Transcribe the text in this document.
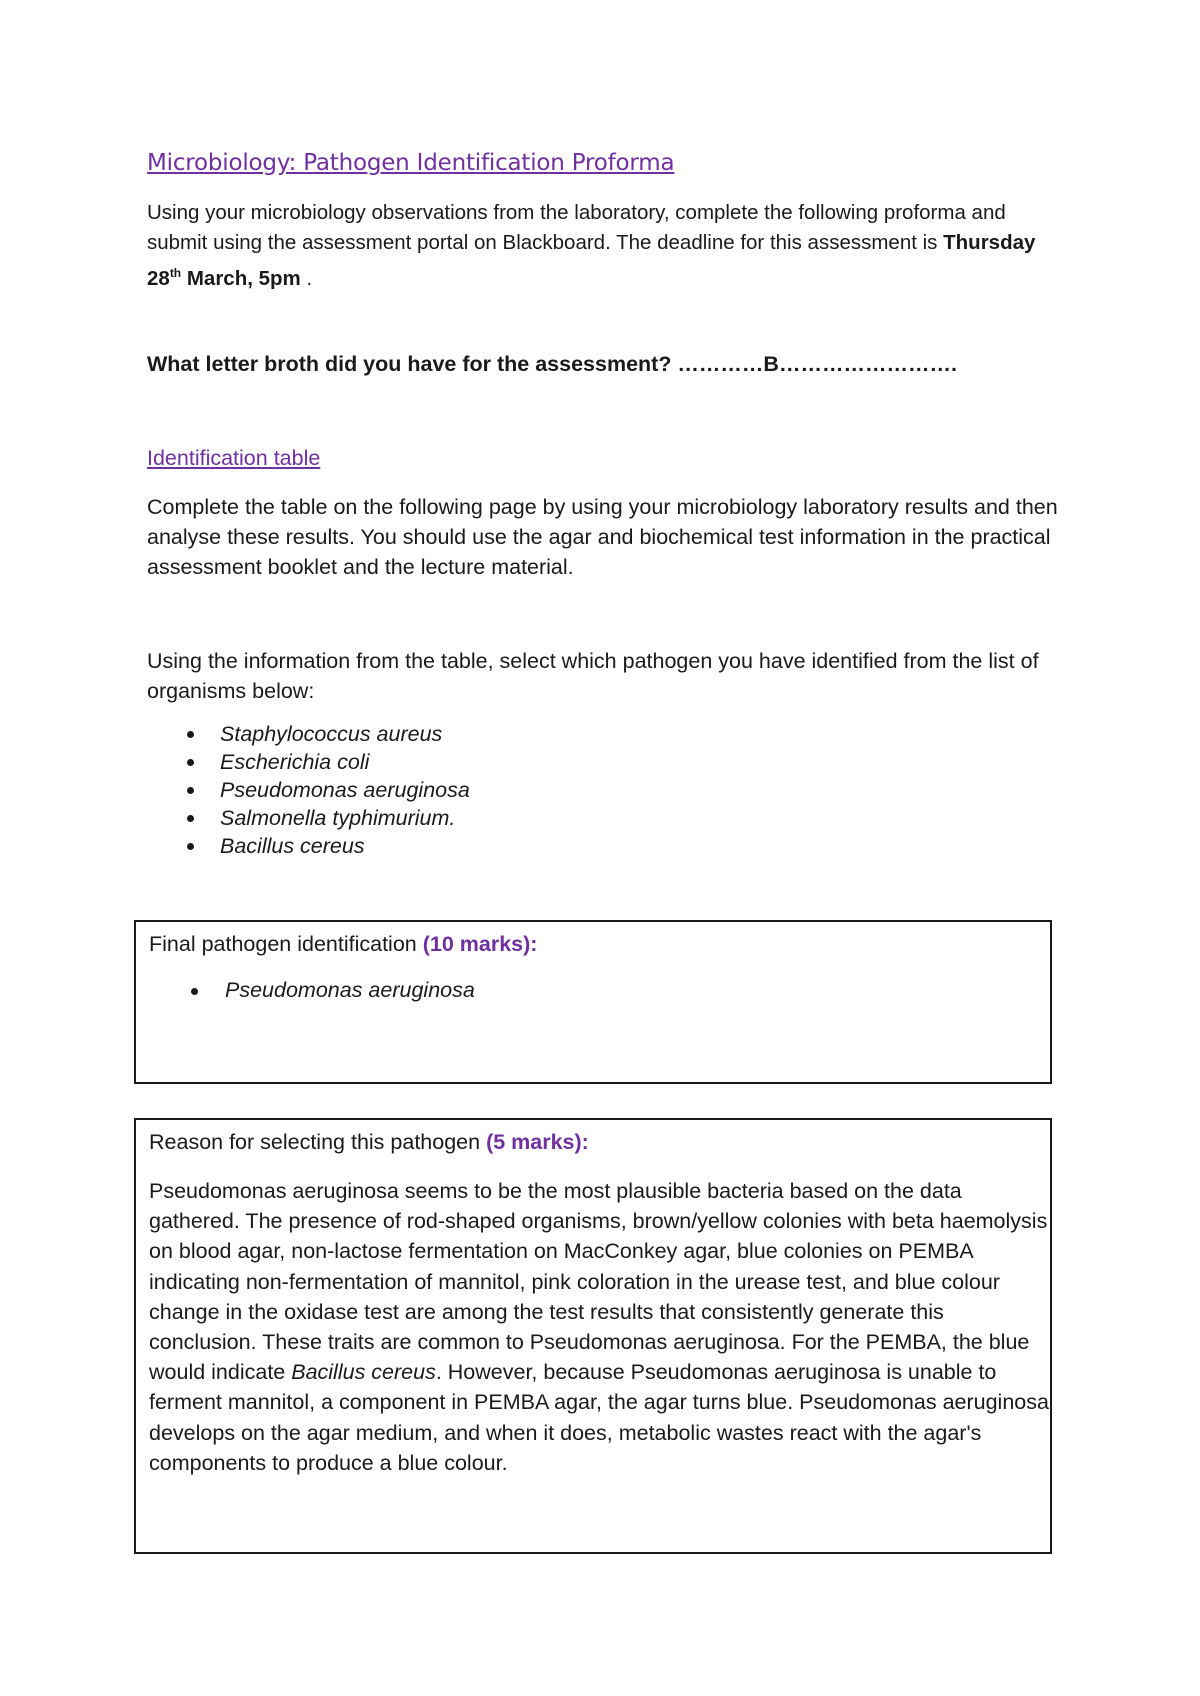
Microbiology: Pathogen Identification Proforma

Using your microbiology observations from the laboratory, complete the following proforma and submit using the assessment portal on Blackboard. The deadline for this assessment is Thursday 28th March, 5pm .

What letter broth did you have for the assessment? …………B…………………….

Identification table

Complete the table on the following page by using your microbiology laboratory results and then analyse these results. You should use the agar and biochemical test information in the practical assessment booklet and the lecture material.

Using the information from the table, select which pathogen you have identified from the list of organisms below:

Staphylococcus aureus
Escherichia coli
Pseudomonas aeruginosa
Salmonella typhimurium.
Bacillus cereus

Final pathogen identification (10 marks):

Pseudomonas aeruginosa

Reason for selecting this pathogen (5 marks):

Pseudomonas aeruginosa seems to be the most plausible bacteria based on the data gathered. The presence of rod-shaped organisms, brown/yellow colonies with beta haemolysis on blood agar, non-lactose fermentation on MacConkey agar, blue colonies on PEMBA indicating non-fermentation of mannitol, pink coloration in the urease test, and blue colour change in the oxidase test are among the test results that consistently generate this conclusion. These traits are common to Pseudomonas aeruginosa. For the PEMBA, the blue would indicate Bacillus cereus. However, because Pseudomonas aeruginosa is unable to ferment mannitol, a component in PEMBA agar, the agar turns blue. Pseudomonas aeruginosa develops on the agar medium, and when it does, metabolic wastes react with the agar's components to produce a blue colour.
